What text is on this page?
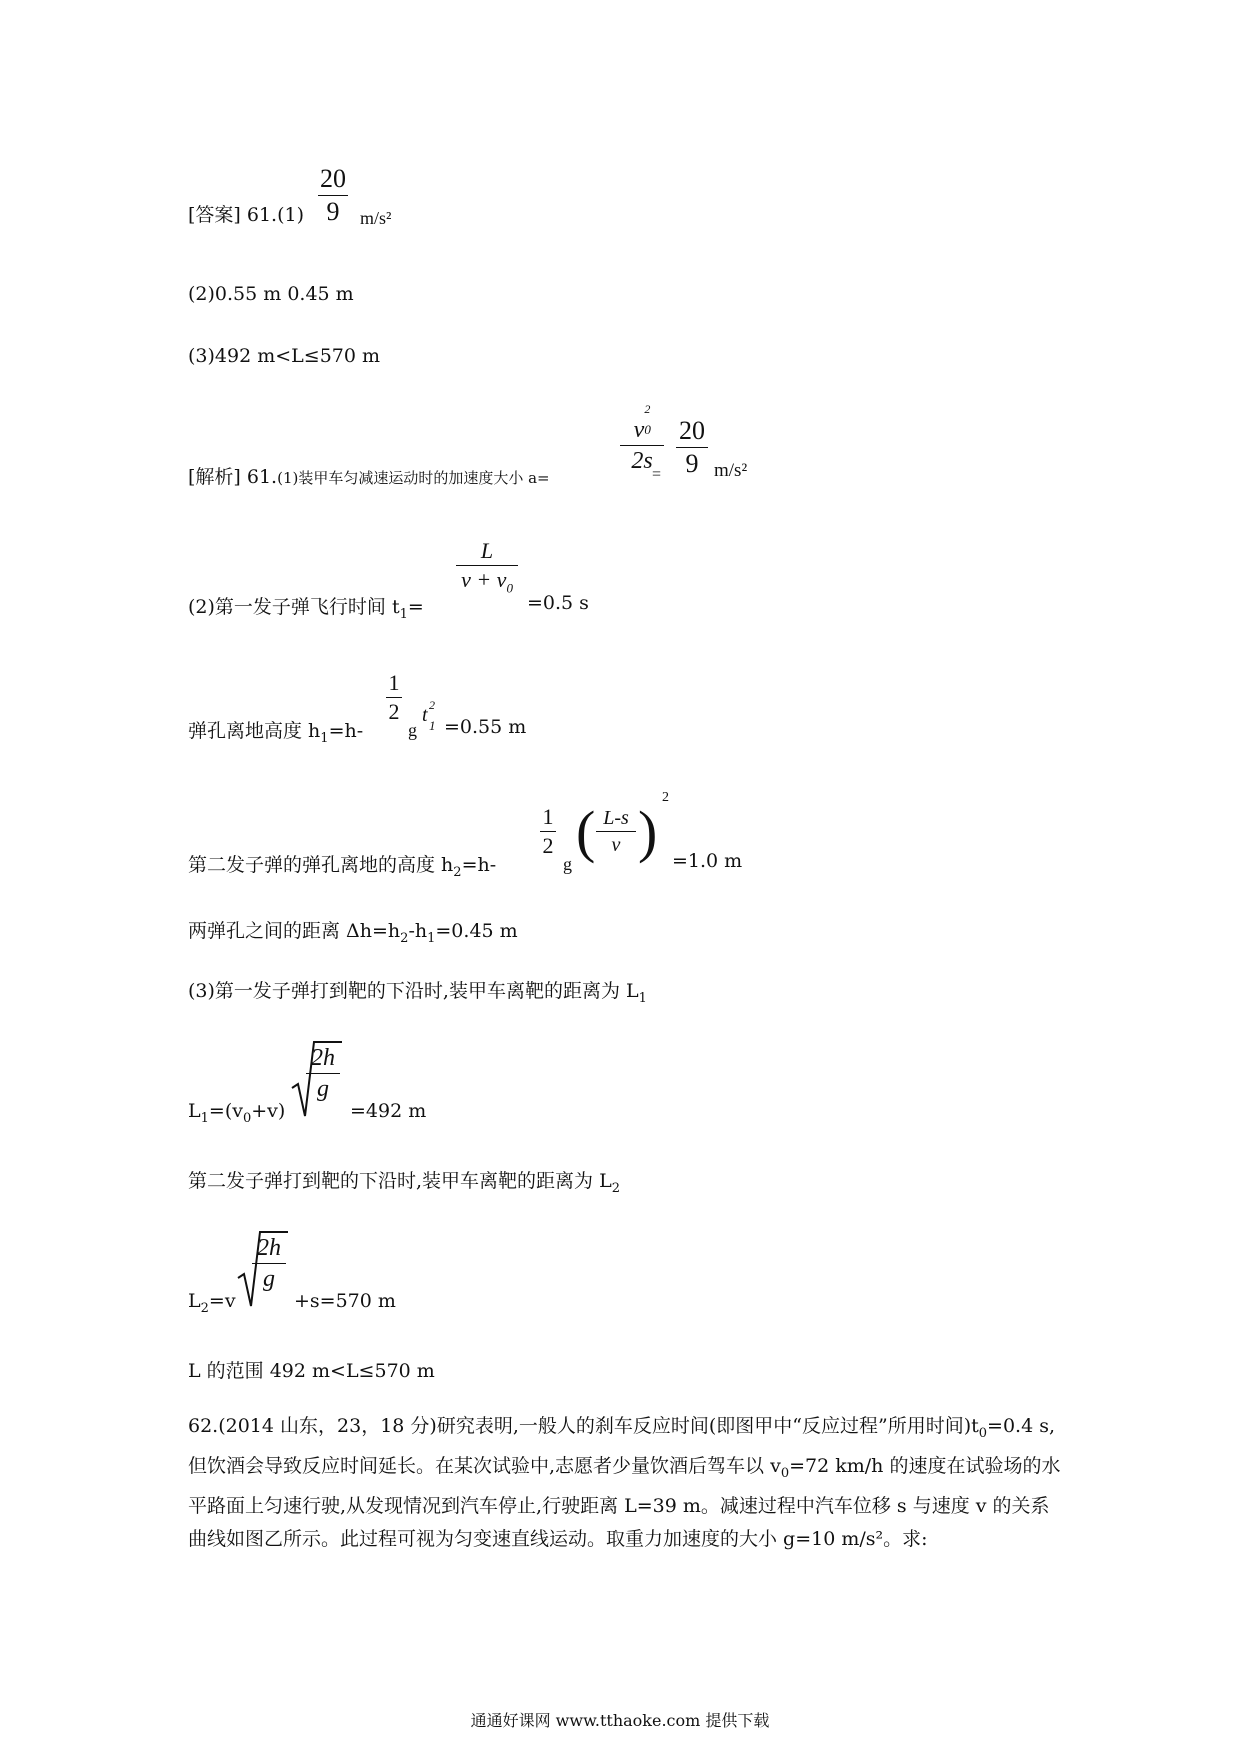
[答案] 61.(1)
20
9	m/s²
(2)0.55 m 0.45 m
(3)492 m<L≤570 m
[解析] 61.(1)装甲车匀减速运动时的加速度大小 a=
v
2
0

2s
=
20
9 m/s²
(2)第一发子弹飞行时间 $t_1=$
L
$v + v_0$
=0.5 s
弹孔离地高度 $h_1=h-$
1
2
g
t 2
1 =0.55 m
第二发子弹的弹孔离地的高度 $h_2=h-$
1
2
g ( L-s
v )
2
=1.0 m
两弹孔之间的距离 $\Delta h=h_2-h_1=0.45$ m
(3)第一发子弹打到靶的下沿时,装甲车离靶的距离为 $L_1$
$L_1=(v_0+v)$
2h
g
=492 m
第二发子弹打到靶的下沿时,装甲车离靶的距离为 $L_2$
$L_2=v$
2h
g
+s=570 m
L 的范围 492 m<L≤570 m
62.(2014 山东，23，18 分)研究表明,一般人的刹车反应时间(即图甲中“反应过程”所用时间)$t_0=0.4$ s,但饮酒会导致反应时间延长。在某次试验中,志愿者少量饮酒后驾车以 $v_0=72$ km/h 的速度在试验场的水平路面上匀速行驶,从发现情况到汽车停止,行驶距离 L=39 m。减速过程中汽车位移 s 与速度 v 的关系曲线如图乙所示。此过程可视为匀变速直线运动。取重力加速度的大小 g=10 m/s²。求:
通通好课网 www.tthaoke.com 提供下载
